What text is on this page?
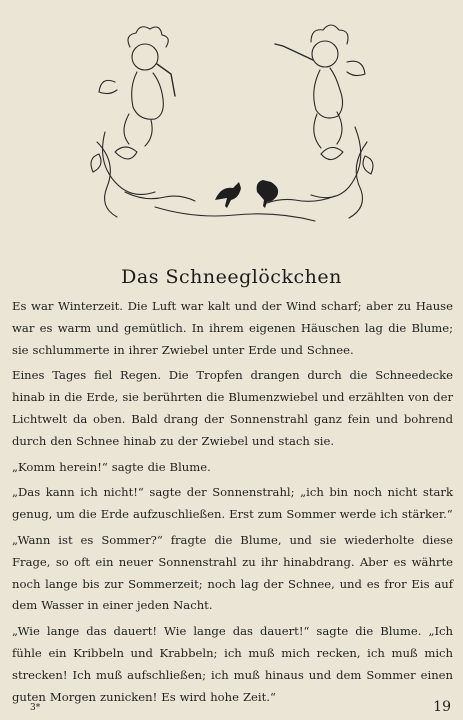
Das Schneeglöckchen

Es war Winterzeit. Die Luft war kalt und der Wind scharf; aber zu Hause war es warm und gemütlich. In ihrem eigenen Häuschen lag die Blume; sie schlummerte in ihrer Zwiebel unter Erde und Schnee.

Eines Tages fiel Regen. Die Tropfen drangen durch die Schneedecke hinab in die Erde, sie berührten die Blumenzwiebel und erzählten von der Lichtwelt da oben. Bald drang der Sonnenstrahl ganz fein und bohrend durch den Schnee hinab zu der Zwiebel und stach sie.

„Komm herein!“ sagte die Blume.

„Das kann ich nicht!“ sagte der Sonnenstrahl; „ich bin noch nicht stark genug, um die Erde aufzuschließen. Erst zum Sommer werde ich stärker.“

„Wann ist es Sommer?“ fragte die Blume, und sie wiederholte diese Frage, so oft ein neuer Sonnenstrahl zu ihr hinabdrang. Aber es währte noch lange bis zur Sommerzeit; noch lag der Schnee, und es fror Eis auf dem Wasser in einer jeden Nacht.

„Wie lange das dauert! Wie lange das dauert!“ sagte die Blume. „Ich fühle ein Kribbeln und Krabbeln; ich muß mich recken, ich muß mich strecken! Ich muß aufschließen; ich muß hinaus und dem Sommer einen guten Morgen zunicken! Es wird hohe Zeit.“

3*	19
